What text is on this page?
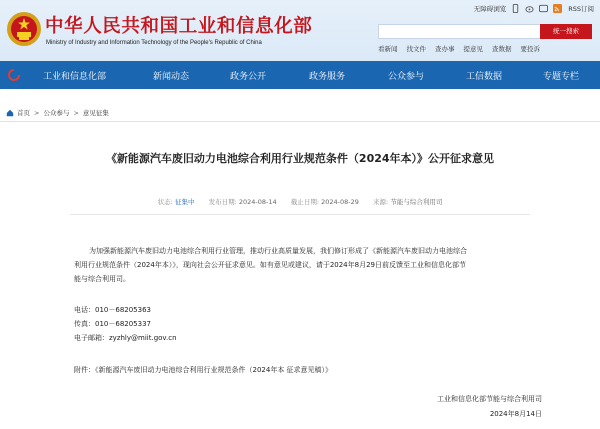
中华人民共和国工业和信息化部
Ministry of Industry and Information Technology of the People's Republic of China
无障碍浏览	RSS订阅
统一搜索
看新闻 找文件 查办事 提意见 查数据 要投诉
工业和信息化部	新闻动态	政务公开	政务服务	公众参与	工信数据	专题专栏
首页 > 公众参与 > 意见征集
《新能源汽车废旧动力电池综合利用行业规范条件（2024年本）》公开征求意见
状态: 征集中 发布日期: 2024-08-14 截止日期: 2024-08-29 来源: 节能与综合利用司
为加强新能源汽车废旧动力电池综合利用行业管理，推动行业高质量发展，我们修订形成了《新能源汽车废旧动力电池综合
利用行业规范条件（2024年本）》，现向社会公开征求意见。如有意见或建议，请于2024年8月29日前反馈至工业和信息化部节
能与综合利用司。
电话：010－68205363
传真：010－68205337
电子邮箱：zyzhly@miit.gov.cn
附件：《新能源汽车废旧动力电池综合利用行业规范条件（2024年本 征求意见稿）》
工业和信息化部节能与综合利用司
2024年8月14日
